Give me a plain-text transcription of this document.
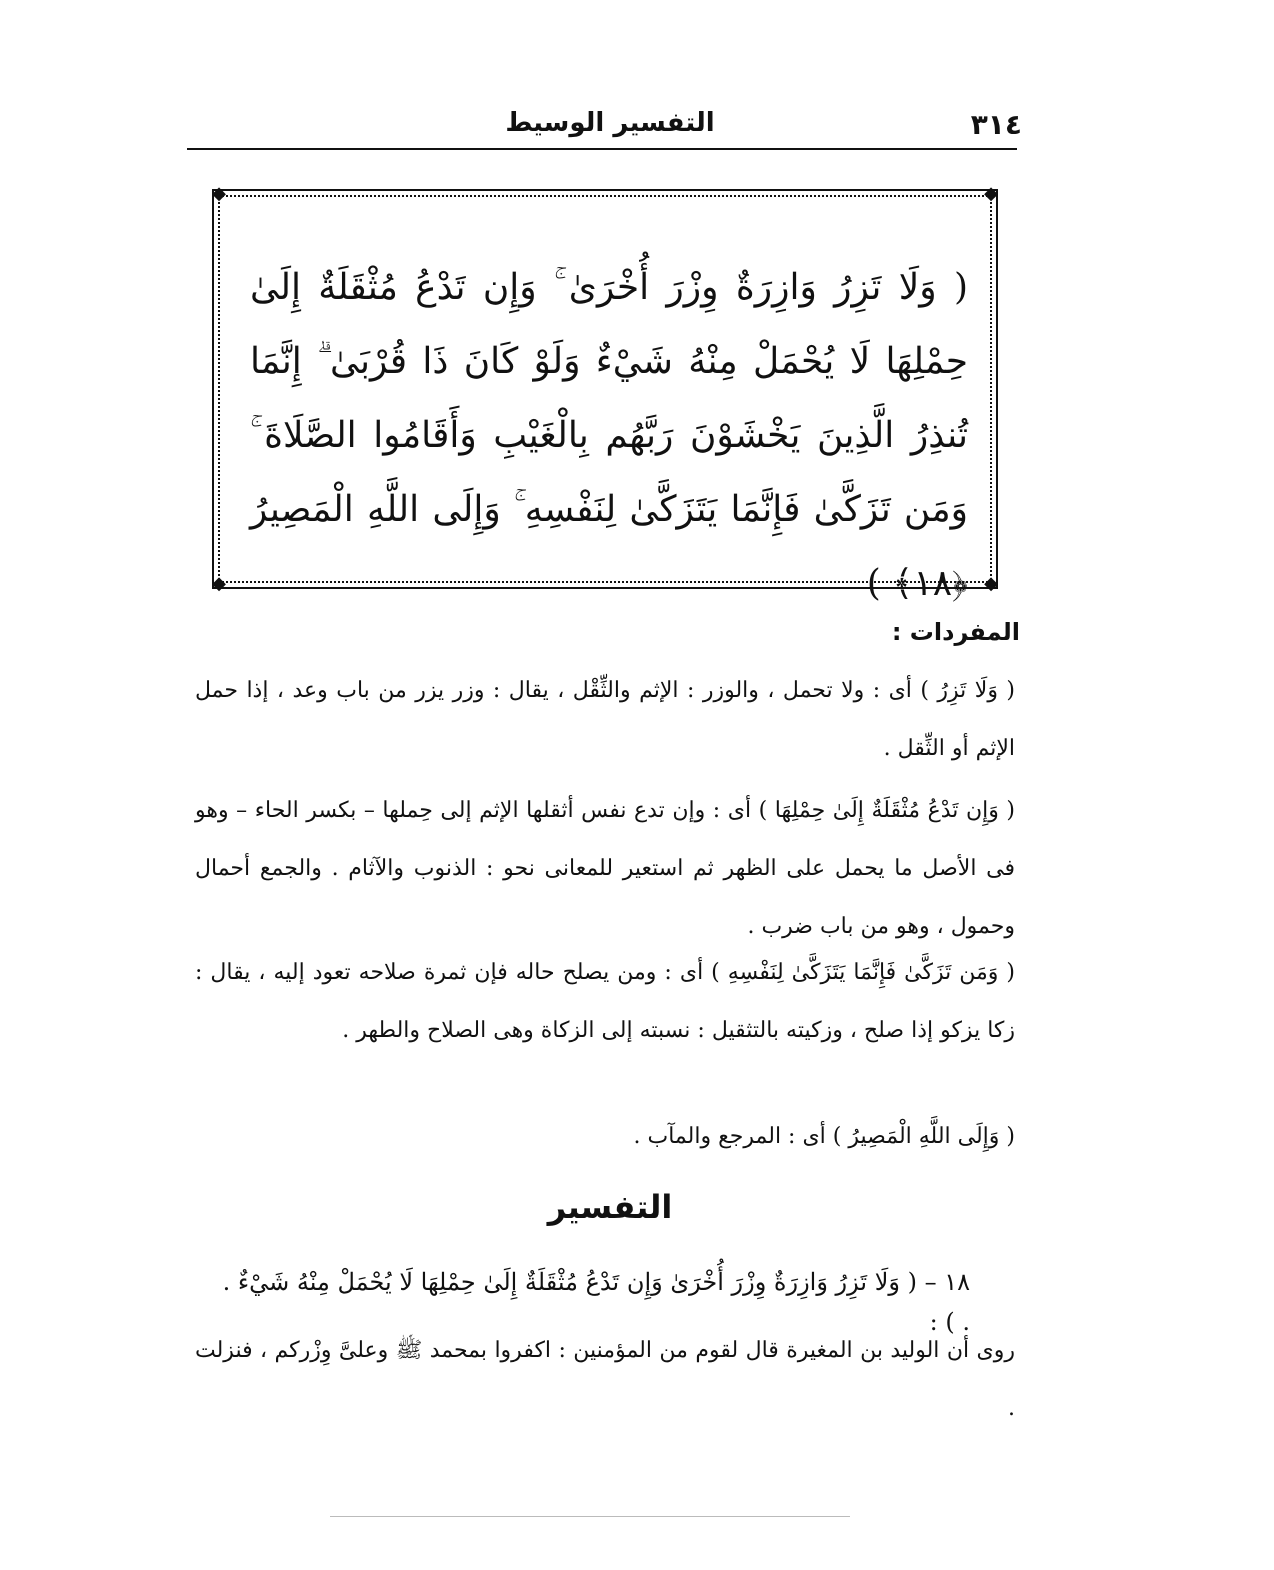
٣١٤
التفسير الوسيط
◆	◆
◆	◆
( وَلَا تَزِرُ وَازِرَةٌ وِزْرَ أُخْرَىٰ ۚ وَإِن تَدْعُ مُثْقَلَةٌ إِلَىٰ حِمْلِهَا لَا يُحْمَلْ مِنْهُ شَيْءٌ وَلَوْ كَانَ ذَا قُرْبَىٰ ۗ إِنَّمَا تُنذِرُ الَّذِينَ يَخْشَوْنَ رَبَّهُم بِالْغَيْبِ وَأَقَامُوا الصَّلَاةَ ۚ وَمَن تَزَكَّىٰ فَإِنَّمَا يَتَزَكَّىٰ لِنَفْسِهِ ۚ وَإِلَى اللَّهِ الْمَصِيرُ ﴿١٨﴾ )
المفردات :
( وَلَا تَزِرُ ) أى : ولا تحمل ، والوزر : الإثم والثِّقْل ، يقال : وزر يزر من باب وعد ، إذا حمل الإثم أو الثِّقل .
( وَإِن تَدْعُ مُثْقَلَةٌ إِلَىٰ حِمْلِهَا ) أى : وإن تدع نفس أثقلها الإثم إلى حِملها – بكسر الحاء – وهو فى الأصل ما يحمل على الظهر ثم استعير للمعانى نحو : الذنوب والآثام . والجمع أحمال وحمول ، وهو من باب ضرب .
( وَمَن تَزَكَّىٰ فَإِنَّمَا يَتَزَكَّىٰ لِنَفْسِهِ ) أى : ومن يصلح حاله فإن ثمرة صلاحه تعود إليه ، يقال : زكا يزكو إذا صلح ، وزكيته بالتثقيل : نسبته إلى الزكاة وهى الصلاح والطهر .
( وَإِلَى اللَّهِ الْمَصِيرُ ) أى : المرجع والمآب .
التفسير
١٨ – ( وَلَا تَزِرُ وَازِرَةٌ وِزْرَ أُخْرَىٰ وَإِن تَدْعُ مُثْقَلَةٌ إِلَىٰ حِمْلِهَا لَا يُحْمَلْ مِنْهُ شَيْءٌ . . ) :
روى أن الوليد بن المغيرة قال لقوم من المؤمنين : اكفروا بمحمد ﷺ وعلىَّ وِزْركم ، فنزلت .
